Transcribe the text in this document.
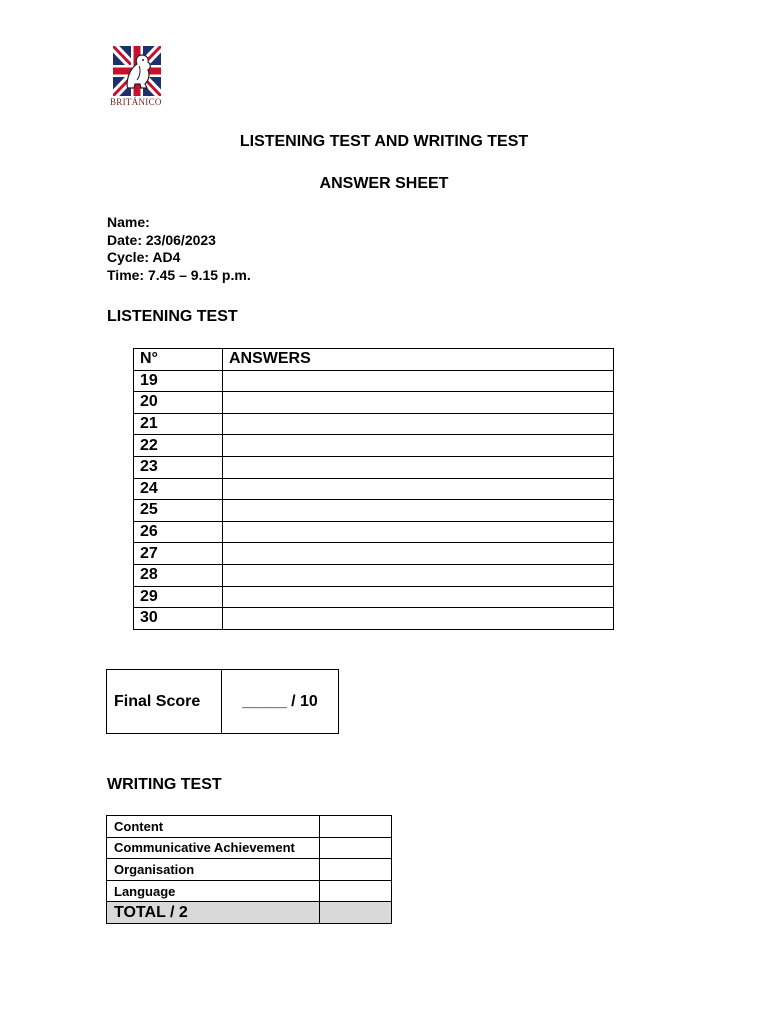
BRITÁNICO
LISTENING TEST AND WRITING TEST
ANSWER SHEET
Name:
Date: 23/06/2023
Cycle: AD4
Time: 7.45 – 9.15 p.m.
LISTENING TEST
N°	ANSWERS
19	
20	
21	
22	
23	
24	
25	
26	
27	
28	
29	
30	
Final Score	_____ / 10
WRITING TEST
Content	
Communicative Achievement	
Organisation	
Language	
TOTAL / 2	
